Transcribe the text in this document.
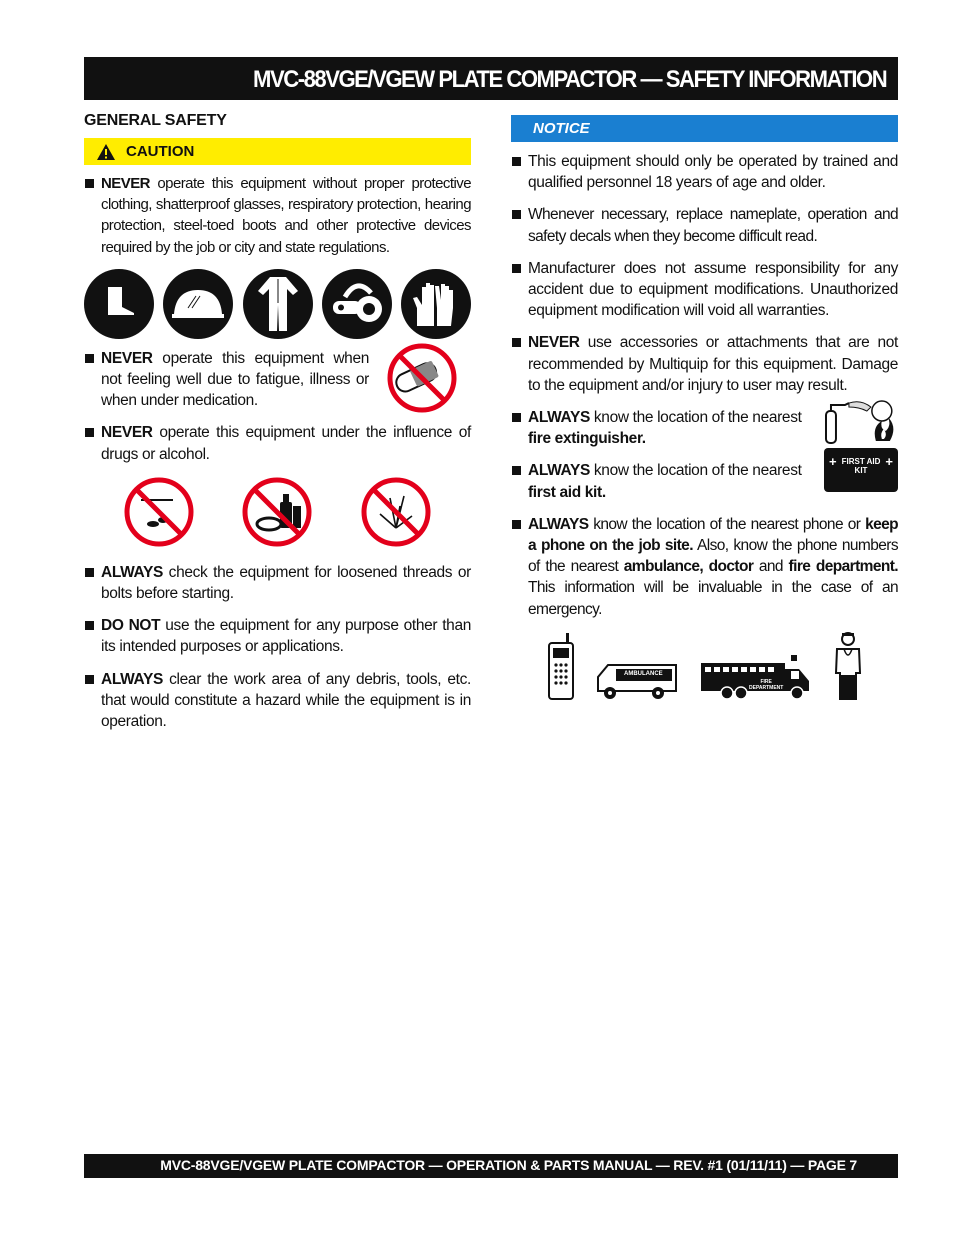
MVC-88VGE/VGEW PLATE COMPACTOR — SAFETY INFORMATION
GENERAL SAFETY
CAUTION
NEVER operate this equipment without proper protective clothing, shatterproof glasses, respiratory protection, hearing protection, steel-toed boots and other protective devices required by the job or city and state regulations.
NEVER operate this equipment when not feeling well due to fatigue, illness or when under medication.
NEVER operate this equipment under the influence of drugs or alcohol.
ALWAYS check the equipment for loosened threads or bolts before starting.
DO NOT use the equipment for any purpose other than its intended purposes or applications.
ALWAYS clear the work area of any debris, tools, etc. that would constitute a hazard while the equipment is in operation.
NOTICE
This equipment should only be operated by trained and qualified personnel 18 years of age and older.
Whenever necessary, replace nameplate, operation and safety decals when they become difficult read.
Manufacturer does not assume responsibility for any accident due to equipment modifications. Unauthorized equipment modification will void all warranties.
NEVER use accessories or attachments that are not recommended by Multiquip for this equipment. Damage to the equipment and/or injury to user may result.
ALWAYS know the location of the nearest fire extinguisher.
ALWAYS know the location of the nearest first aid kit.
+	+
FIRST AID
KIT
ALWAYS know the location of the nearest phone or keep a phone on the job site. Also, know the phone numbers of the nearest ambulance, doctor and fire department. This information will be invaluable in the case of an emergency.
AMBULANCE
FIRE
DEPARTMENT
MVC-88VGE/VGEW PLATE COMPACTOR — OPERATION & PARTS MANUAL — REV. #1 (01/11/11) — PAGE 7
